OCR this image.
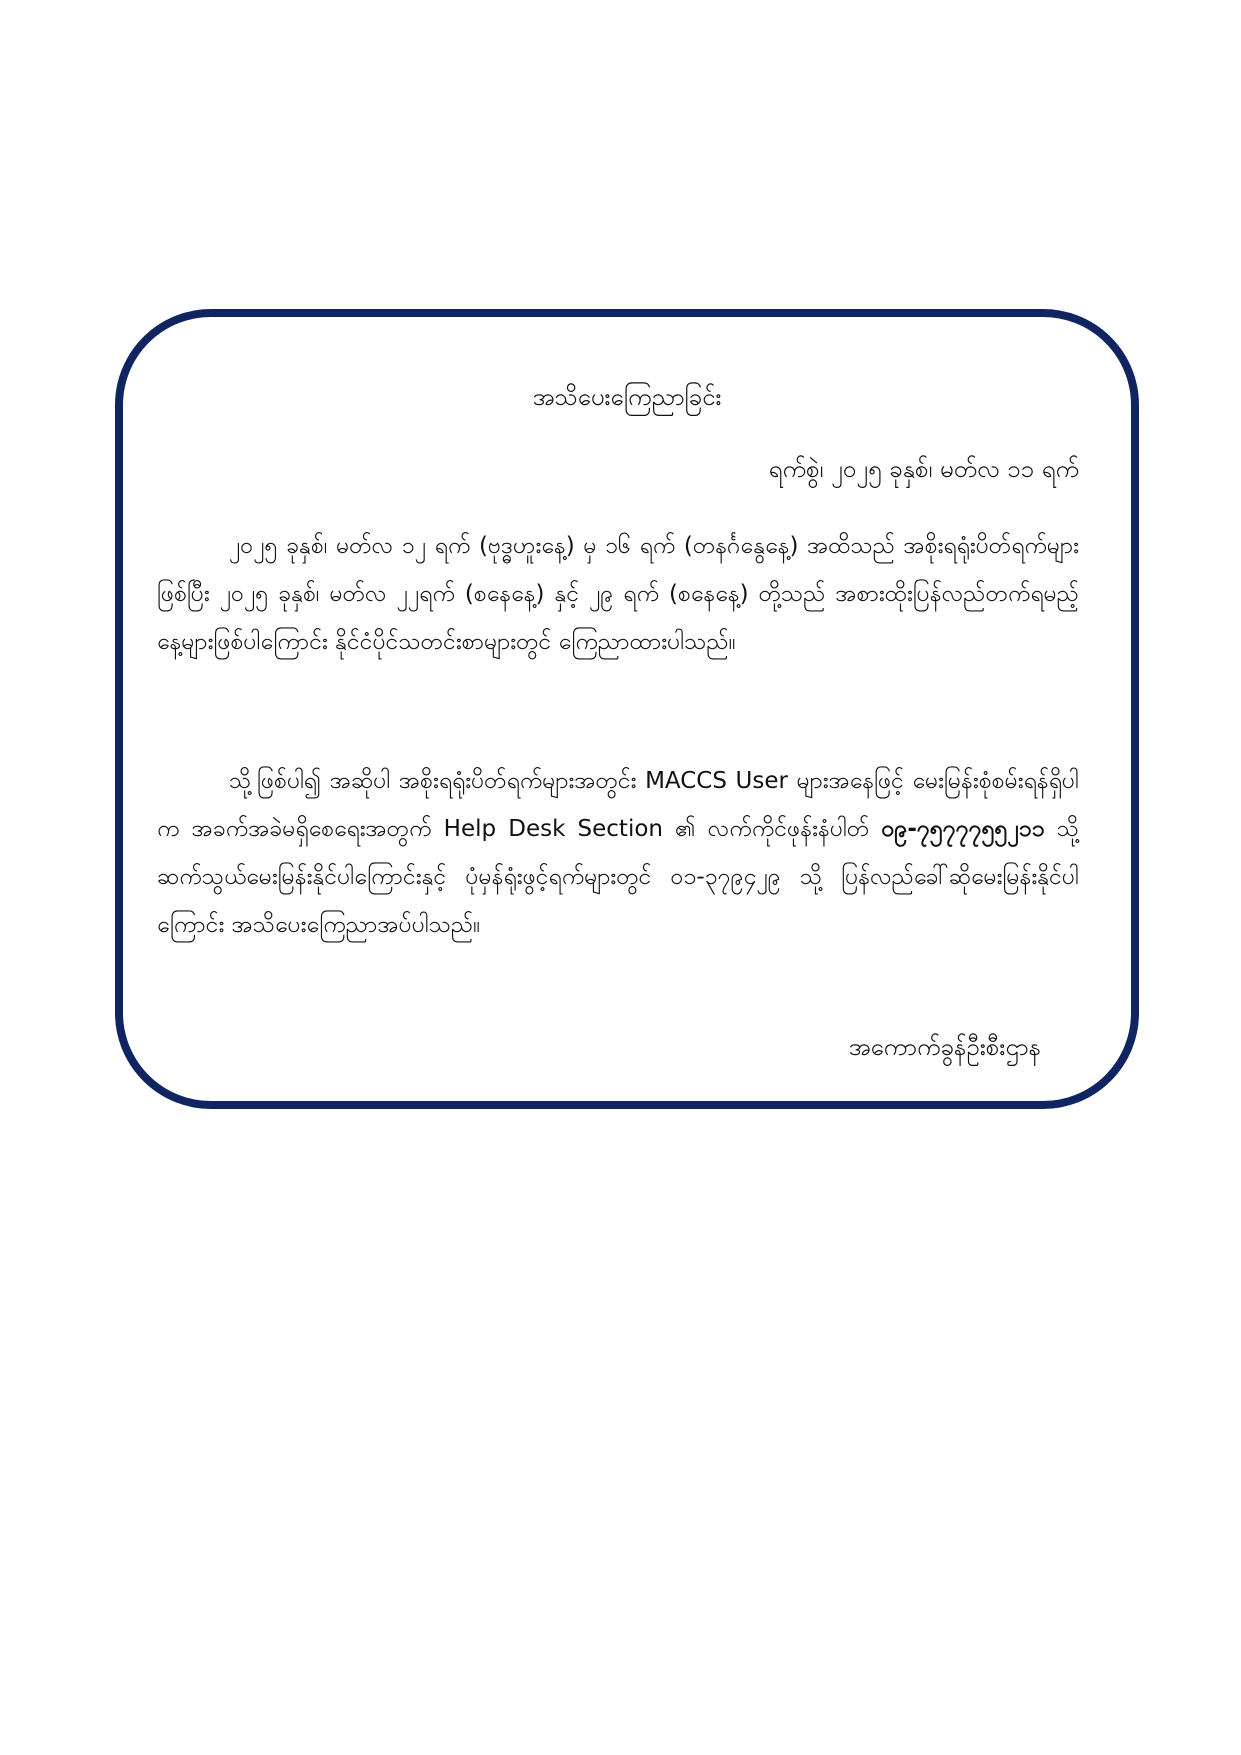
အသိပေးကြေညာခြင်း
ရက်စွဲ၊ ၂၀၂၅ ခုနှစ်၊ မတ်လ ၁၁ ရက်

၂၀၂၅ ခုနှစ်၊ မတ်လ ၁၂ ရက် (ဗုဒ္ဓဟူးနေ့) မှ ၁၆ ရက် (တနင်္ဂနွေနေ့) အထိသည် အစိုးရရုံးပိတ်ရက်များ ဖြစ်ပြီး ၂၀၂၅ ခုနှစ်၊ မတ်လ ၂၂ရက် (စနေနေ့) နှင့် ၂၉ ရက် (စနေနေ့) တို့သည် အစားထိုးပြန်လည်တက်ရမည့် နေ့များဖြစ်ပါကြောင်း နိုင်ငံပိုင်သတင်းစာများတွင် ကြေညာထားပါသည်။

သို့ဖြစ်ပါ၍ အဆိုပါ အစိုးရရုံးပိတ်ရက်များအတွင်း MACCS User များအနေဖြင့် မေးမြန်းစုံစမ်းရန်ရှိပါက အခက်အခဲမရှိစေရေးအတွက် Help Desk Section ၏ လက်ကိုင်ဖုန်းနံပါတ် ၀၉-၇၅၇၇၇၅၅၂၁၁ သို့ ဆက်သွယ်မေးမြန်းနိုင်ပါကြောင်းနှင့် ပုံမှန်ရုံးဖွင့်ရက်များတွင် ၀၁-၃၇၉၄၂၉ သို့ ပြန်လည်ခေါ်ဆိုမေးမြန်းနိုင်ပါကြောင်း အသိပေးကြေညာအပ်ပါသည်။

အကောက်ခွန်ဦးစီးဌာန
